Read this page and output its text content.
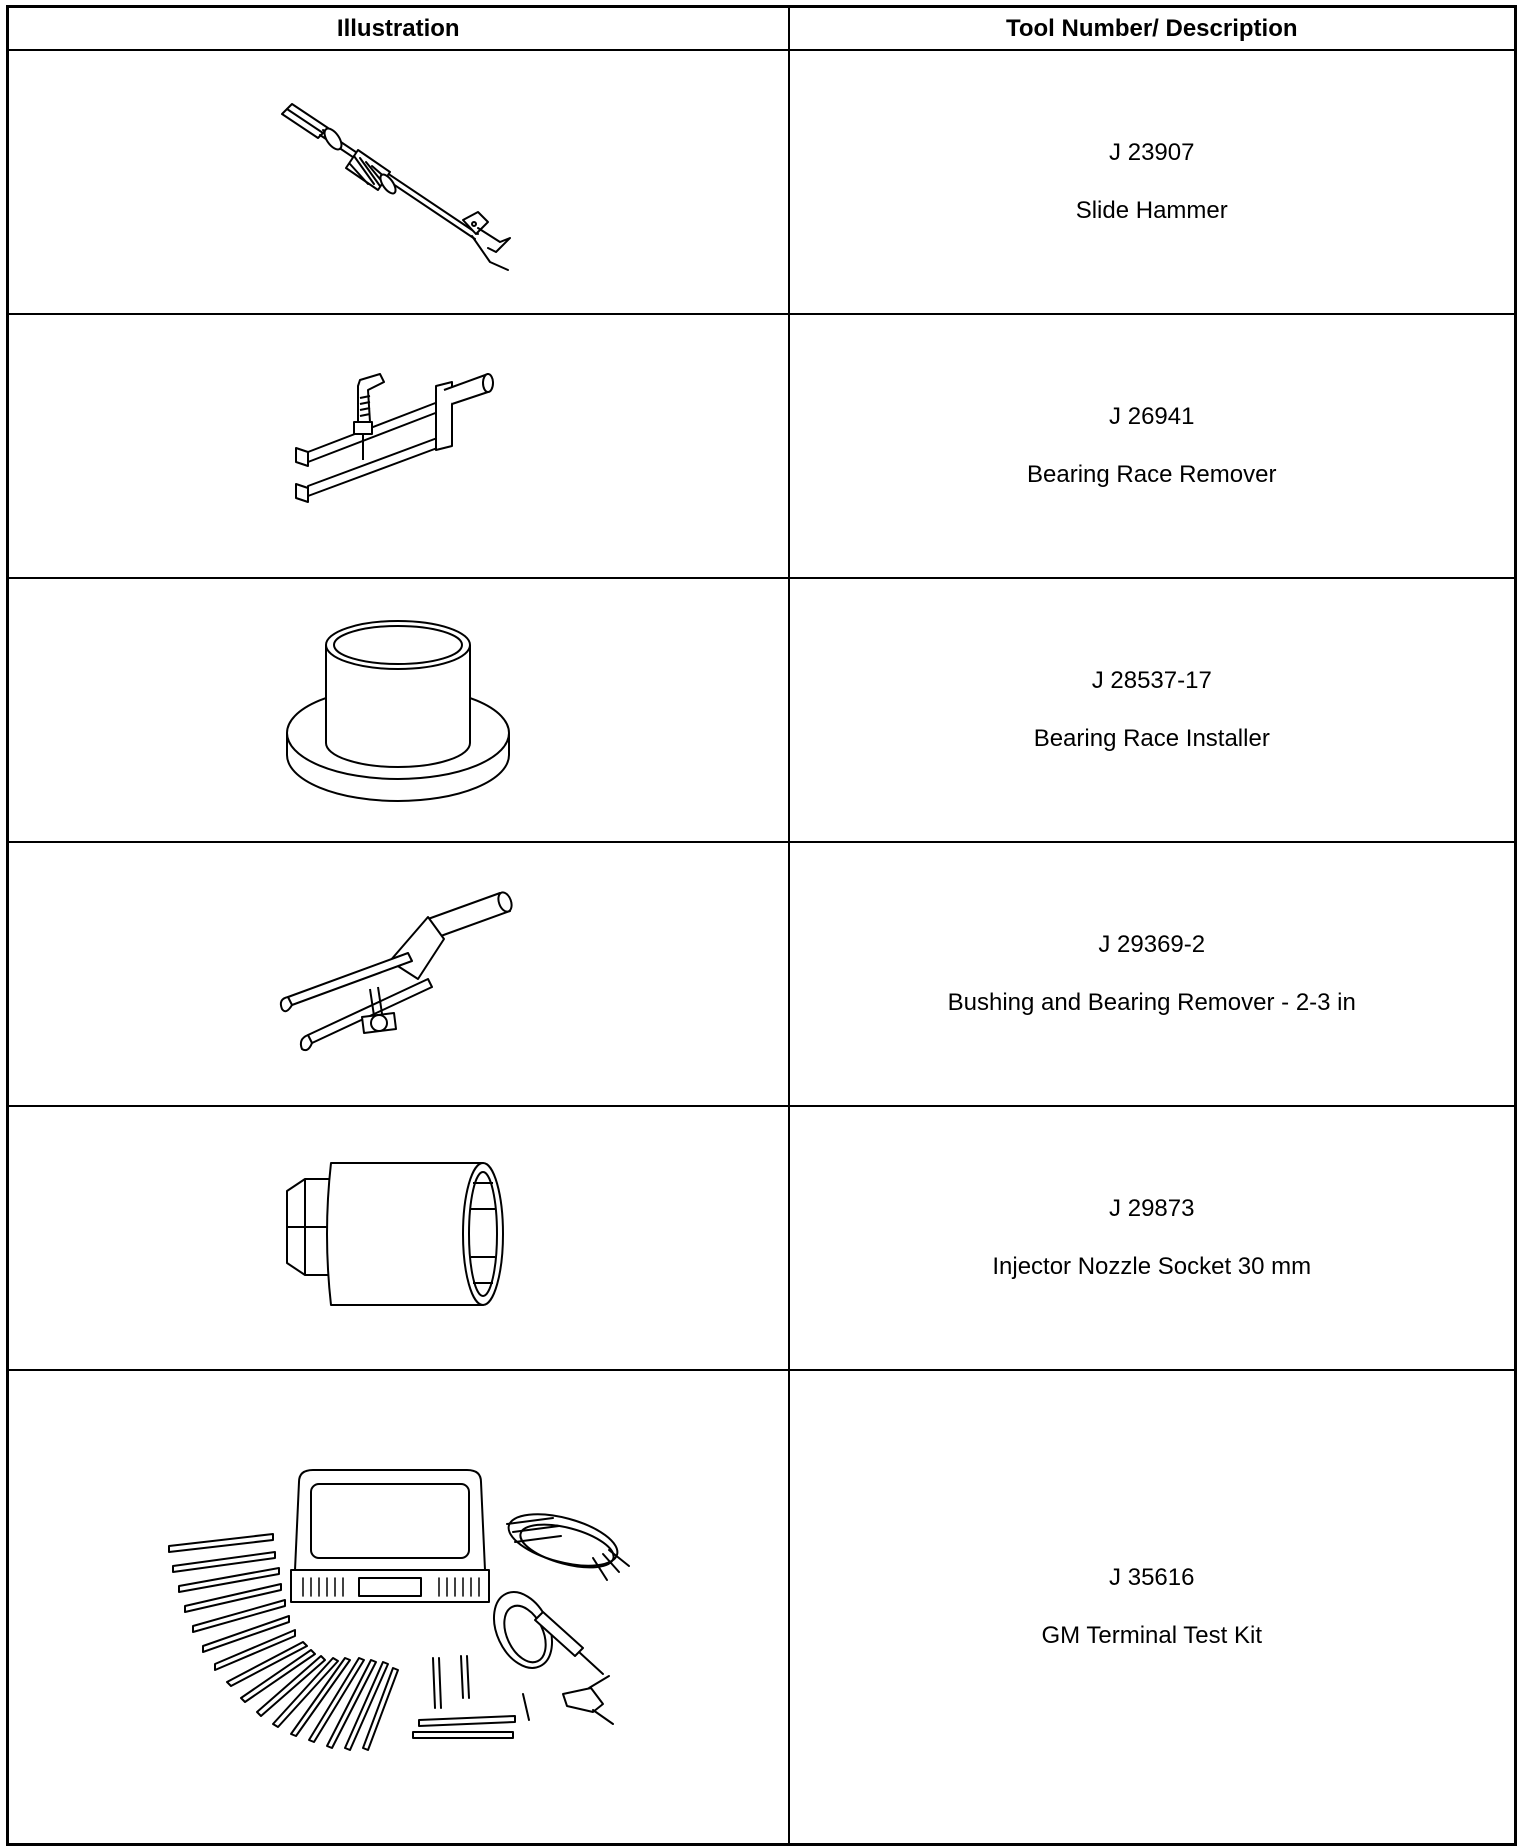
Illustration	Tool Number/ Description

J 23907
Slide Hammer

J 26941
Bearing Race Remover

J 28537-17
Bearing Race Installer

J 29369-2
Bushing and Bearing Remover - 2-3 in

J 29873
Injector Nozzle Socket 30 mm

J 35616
GM Terminal Test Kit
